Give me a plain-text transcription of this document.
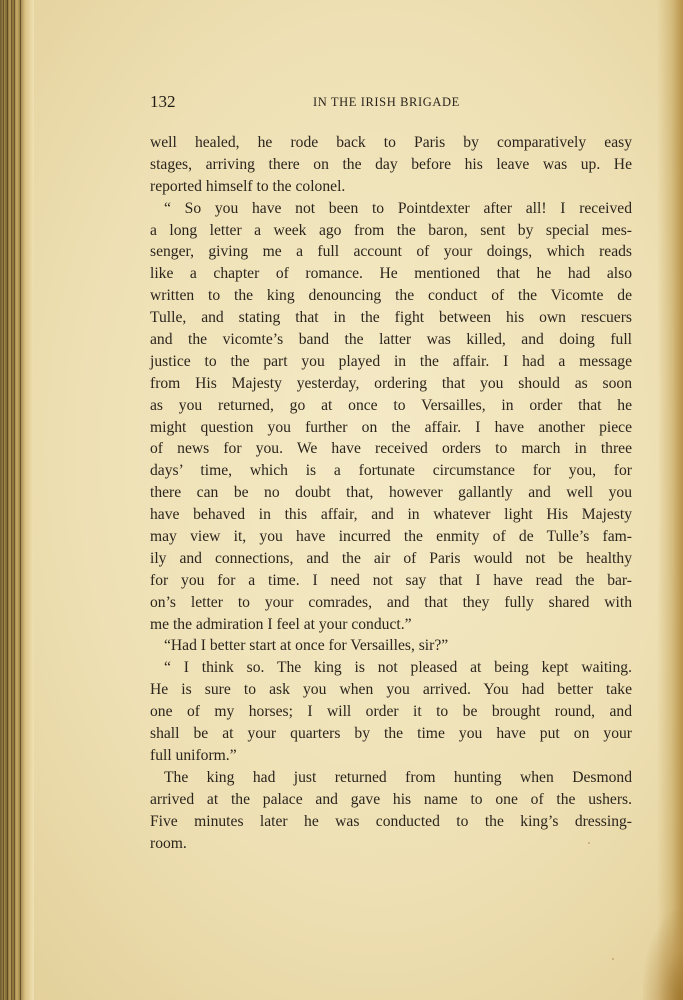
132	IN THE IRISH BRIGADE
well healed, he rode back to Paris by comparatively easy
stages, arriving there on the day before his leave was up. He
reported himself to the colonel.
“ So you have not been to Pointdexter after all! I received
a long letter a week ago from the baron, sent by special mes-
senger, giving me a full account of your doings, which reads
like a chapter of romance. He mentioned that he had also
written to the king denouncing the conduct of the Vicomte de
Tulle, and stating that in the fight between his own rescuers
and the vicomte’s band the latter was killed, and doing full
justice to the part you played in the affair. I had a message
from His Majesty yesterday, ordering that you should as soon
as you returned, go at once to Versailles, in order that he
might question you further on the affair. I have another piece
of news for you. We have received orders to march in three
days’ time, which is a fortunate circumstance for you, for
there can be no doubt that, however gallantly and well you
have behaved in this affair, and in whatever light His Majesty
may view it, you have incurred the enmity of de Tulle’s fam-
ily and connections, and the air of Paris would not be healthy
for you for a time. I need not say that I have read the bar-
on’s letter to your comrades, and that they fully shared with
me the admiration I feel at your conduct.”
“Had I better start at once for Versailles, sir?”
“ I think so. The king is not pleased at being kept waiting.
He is sure to ask you when you arrived. You had better take
one of my horses; I will order it to be brought round, and
shall be at your quarters by the time you have put on your
full uniform.”
The king had just returned from hunting when Desmond
arrived at the palace and gave his name to one of the ushers.
Five minutes later he was conducted to the king’s dressing-
room.
